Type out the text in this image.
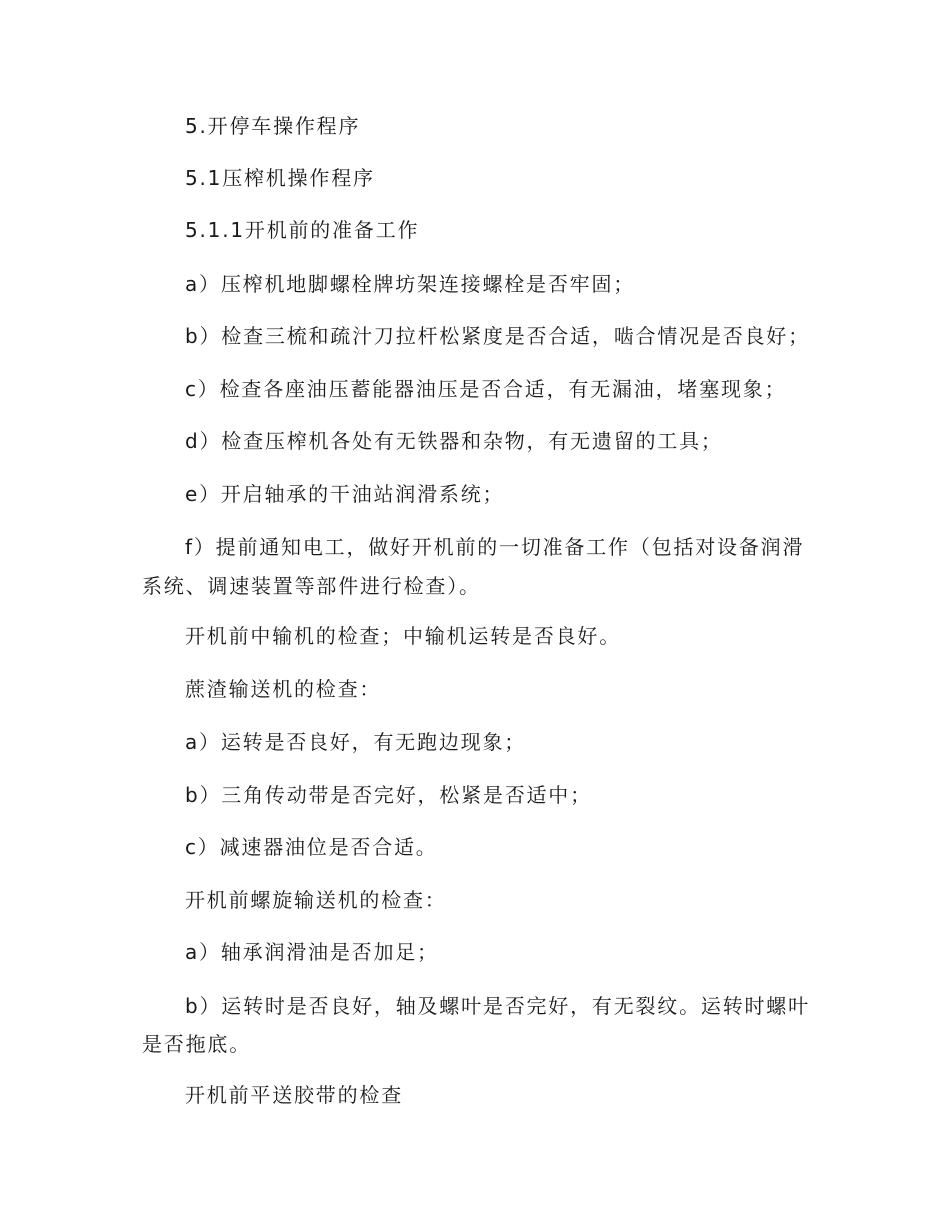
5.开停车操作程序
5.1压榨机操作程序
5.1.1开机前的准备工作
a）压榨机地脚螺栓牌坊架连接螺栓是否牢固；
b）检查三梳和疏汁刀拉杆松紧度是否合适，啮合情况是否良好；
c）检查各座油压蓄能器油压是否合适，有无漏油，堵塞现象；
d）检查压榨机各处有无铁器和杂物，有无遗留的工具；
e）开启轴承的干油站润滑系统；
f）提前通知电工，做好开机前的一切准备工作（包括对设备润滑
系统、调速装置等部件进行检查）。
开机前中输机的检查；中输机运转是否良好。
蔗渣输送机的检查：
a）运转是否良好，有无跑边现象；
b）三角传动带是否完好，松紧是否适中；
c）减速器油位是否合适。
开机前螺旋输送机的检查：
a）轴承润滑油是否加足；
b）运转时是否良好，轴及螺叶是否完好，有无裂纹。运转时螺叶
是否拖底。
开机前平送胶带的检查
